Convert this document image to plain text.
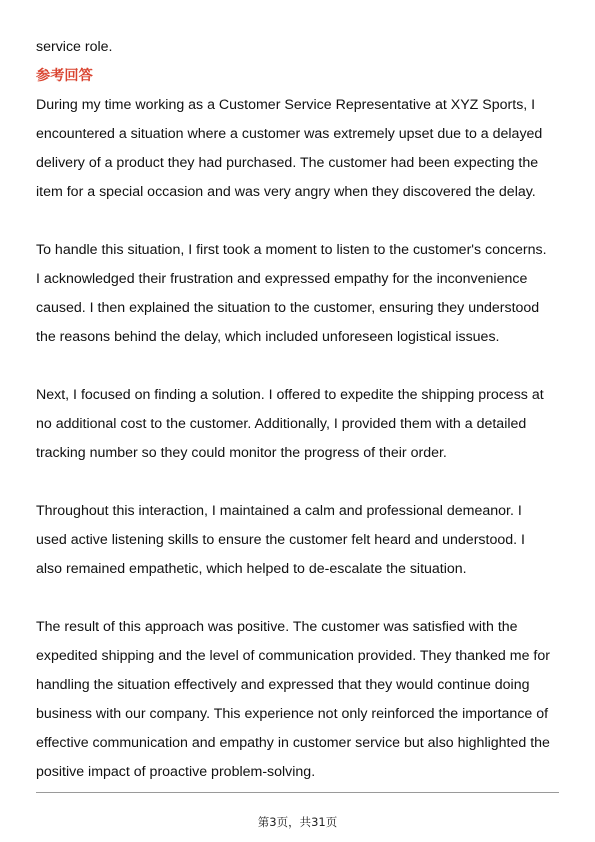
service role.

参考回答

During my time working as a Customer Service Representative at XYZ Sports, I
encountered a situation where a customer was extremely upset due to a delayed
delivery of a product they had purchased. The customer had been expecting the
item for a special occasion and was very angry when they discovered the delay.

To handle this situation, I first took a moment to listen to the customer's concerns.
I acknowledged their frustration and expressed empathy for the inconvenience
caused. I then explained the situation to the customer, ensuring they understood
the reasons behind the delay, which included unforeseen logistical issues.

Next, I focused on finding a solution. I offered to expedite the shipping process at
no additional cost to the customer. Additionally, I provided them with a detailed
tracking number so they could monitor the progress of their order.

Throughout this interaction, I maintained a calm and professional demeanor. I
used active listening skills to ensure the customer felt heard and understood. I
also remained empathetic, which helped to de-escalate the situation.

The result of this approach was positive. The customer was satisfied with the
expedited shipping and the level of communication provided. They thanked me for
handling the situation effectively and expressed that they would continue doing
business with our company. This experience not only reinforced the importance of
effective communication and empathy in customer service but also highlighted the
positive impact of proactive problem-solving.

第3页，共31页
